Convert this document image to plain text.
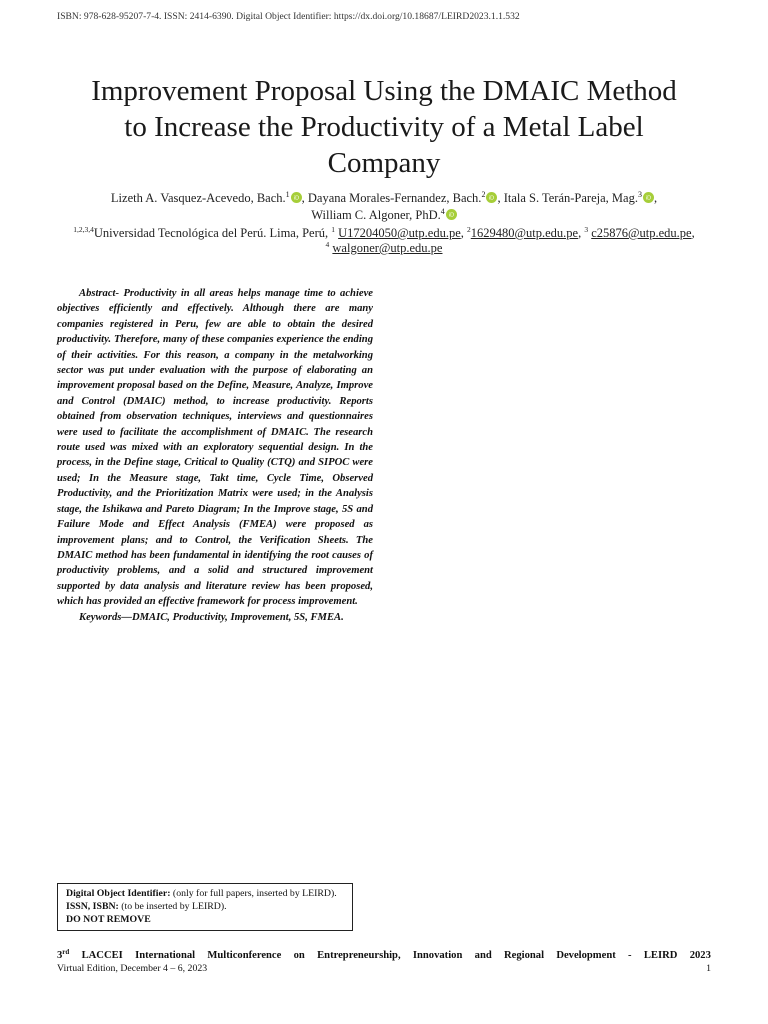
ISBN: 978-628-95207-7-4. ISSN: 2414-6390. Digital Object Identifier: https://dx.doi.org/10.18687/LEIRD2023.1.1.532
Improvement Proposal Using the DMAIC Method
to Increase the Productivity of a Metal Label
Company
Lizeth A. Vasquez-Acevedo, Bach.$^1$ iD , Dayana Morales-Fernandez, Bach.$^2$ iD , Itala S. Terán-Pareja, Mag.$^3$ iD ,
William C. Algoner, PhD.$^4$ iD
$^{1,2,3,4}$Universidad Tecnológica del Perú. Lima, Perú, $^1$ U17204050@utp.edu.pe, $^2$1629480@utp.edu.pe, $^3$ c25876@utp.edu.pe,
$^4$ walgoner@utp.edu.pe

Abstract- Productivity in all areas helps manage time to achieve objectives efficiently and effectively. Although there are many companies registered in Peru, few are able to obtain the desired productivity. Therefore, many of these companies experience the ending of their activities. For this reason, a company in the metalworking sector was put under evaluation with the purpose of elaborating an improvement proposal based on the Define, Measure, Analyze, Improve and Control (DMAIC) method, to increase productivity. Reports obtained from observation techniques, interviews and questionnaires were used to facilitate the accomplishment of DMAIC. The research route used was mixed with an exploratory sequential design. In the process, in the Define stage, Critical to Quality (CTQ) and SIPOC were used; In the Measure stage, Takt time, Cycle Time, Observed Productivity, and the Prioritization Matrix were used; in the Analysis stage, the Ishikawa and Pareto Diagram; In the Improve stage, 5S and Failure Mode and Effect Analysis (FMEA) were proposed as improvement plans; and to Control, the Verification Sheets. The DMAIC method has been fundamental in identifying the root causes of productivity problems, and a solid and structured improvement supported by data analysis and literature review has been proposed, which has provided an effective framework for process improvement.

Keywords—DMAIC, Productivity, Improvement, 5S, FMEA.

Digital Object Identifier: (only for full papers, inserted by LEIRD).
ISSN, ISBN: (to be inserted by LEIRD).
DO NOT REMOVE
3rd LACCEI International Multiconference on Entrepreneurship, Innovation and Regional Development - LEIRD 2023
Virtual Edition, December 4 – 6, 2023	1
